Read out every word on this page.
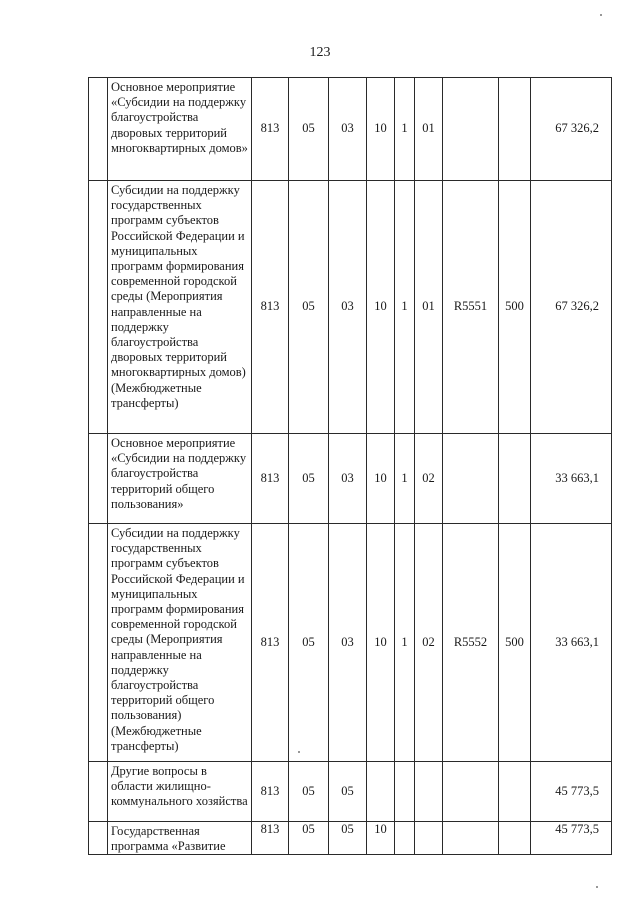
123
	Основное мероприятие «Субсидии на поддержку благоустройства дворовых территорий многоквартирных домов»	813	05	03	10	1	01			67 326,2
	Субсидии на поддержку государственных программ субъектов Российской Федерации и муниципальных программ формирования современной городской среды (Мероприятия направленные на поддержку благоустройства дворовых территорий многоквартирных домов) (Межбюджетные трансферты)	813	05	03	10	1	01	R5551	500	67 326,2
	Основное мероприятие «Субсидии на поддержку благоустройства территорий общего пользования»	813	05	03	10	1	02			33 663,1
	Субсидии на поддержку государственных программ субъектов Российской Федерации и муниципальных программ формирования современной городской среды (Мероприятия направленные на поддержку благоустройства территорий общего пользования) (Межбюджетные трансферты)	813	05	03	10	1	02	R5552	500	33 663,1
	Другие вопросы в области жилищно-коммунального хозяйства	813	05	05						45 773,5
	Государственная программа «Развитие	813	05	05	10					45 773,5
